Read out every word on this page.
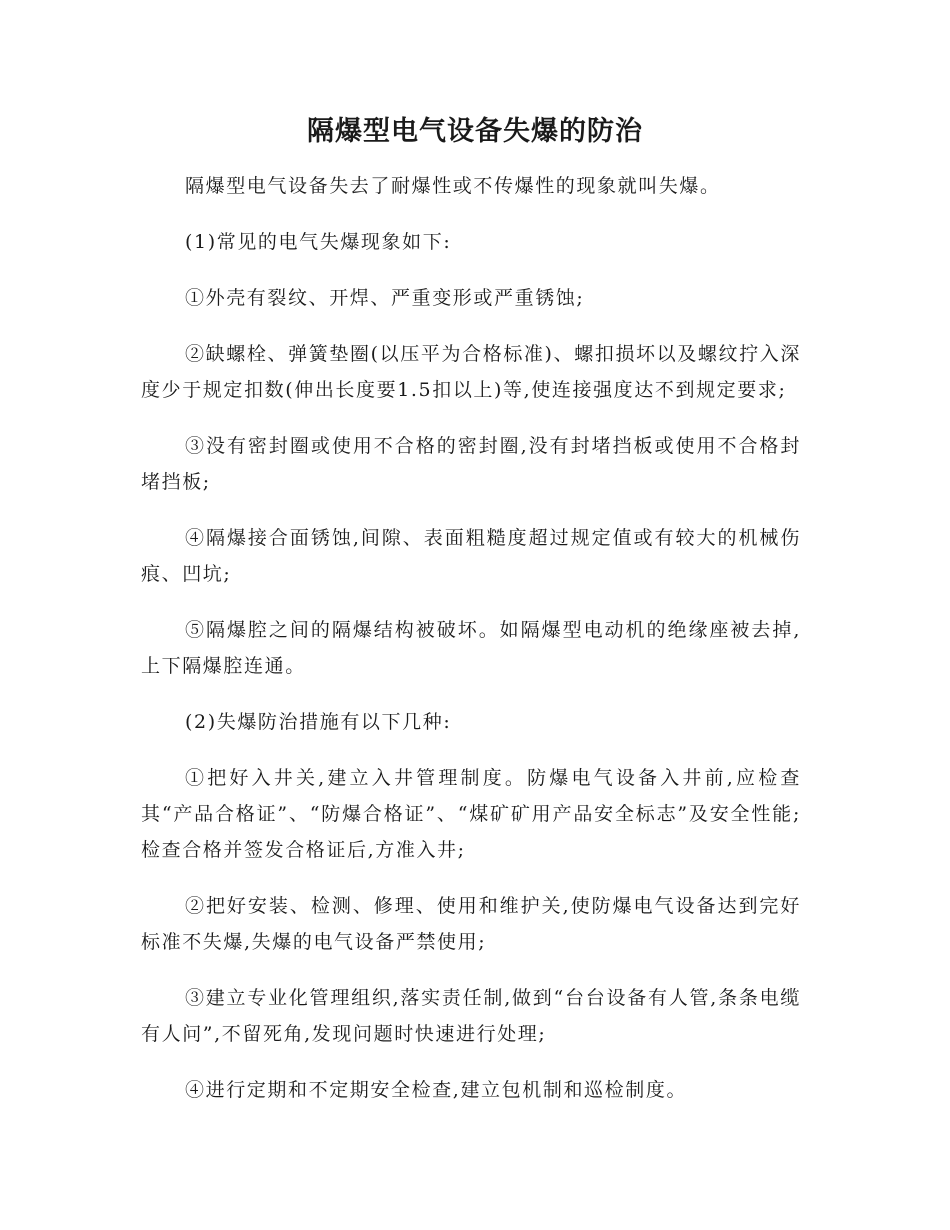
隔爆型电气设备失爆的防治

隔爆型电气设备失去了耐爆性或不传爆性的现象就叫失爆。

(1)常见的电气失爆现象如下:

①外壳有裂纹、开焊、严重变形或严重锈蚀;

②缺螺栓、弹簧垫圈(以压平为合格标准)、螺扣损坏以及螺纹拧入深度少于规定扣数(伸出长度要1.5扣以上)等,使连接强度达不到规定要求;

③没有密封圈或使用不合格的密封圈,没有封堵挡板或使用不合格封堵挡板;

④隔爆接合面锈蚀,间隙、表面粗糙度超过规定值或有较大的机械伤痕、凹坑;

⑤隔爆腔之间的隔爆结构被破坏。如隔爆型电动机的绝缘座被去掉,上下隔爆腔连通。

(2)失爆防治措施有以下几种:

①把好入井关,建立入井管理制度。防爆电气设备入井前,应检查其“产品合格证”、“防爆合格证”、“煤矿矿用产品安全标志”及安全性能;检查合格并签发合格证后,方准入井;

②把好安装、检测、修理、使用和维护关,使防爆电气设备达到完好标准不失爆,失爆的电气设备严禁使用;

③建立专业化管理组织,落实责任制,做到“台台设备有人管,条条电缆有人问”,不留死角,发现问题时快速进行处理;

④进行定期和不定期安全检查,建立包机制和巡检制度。
